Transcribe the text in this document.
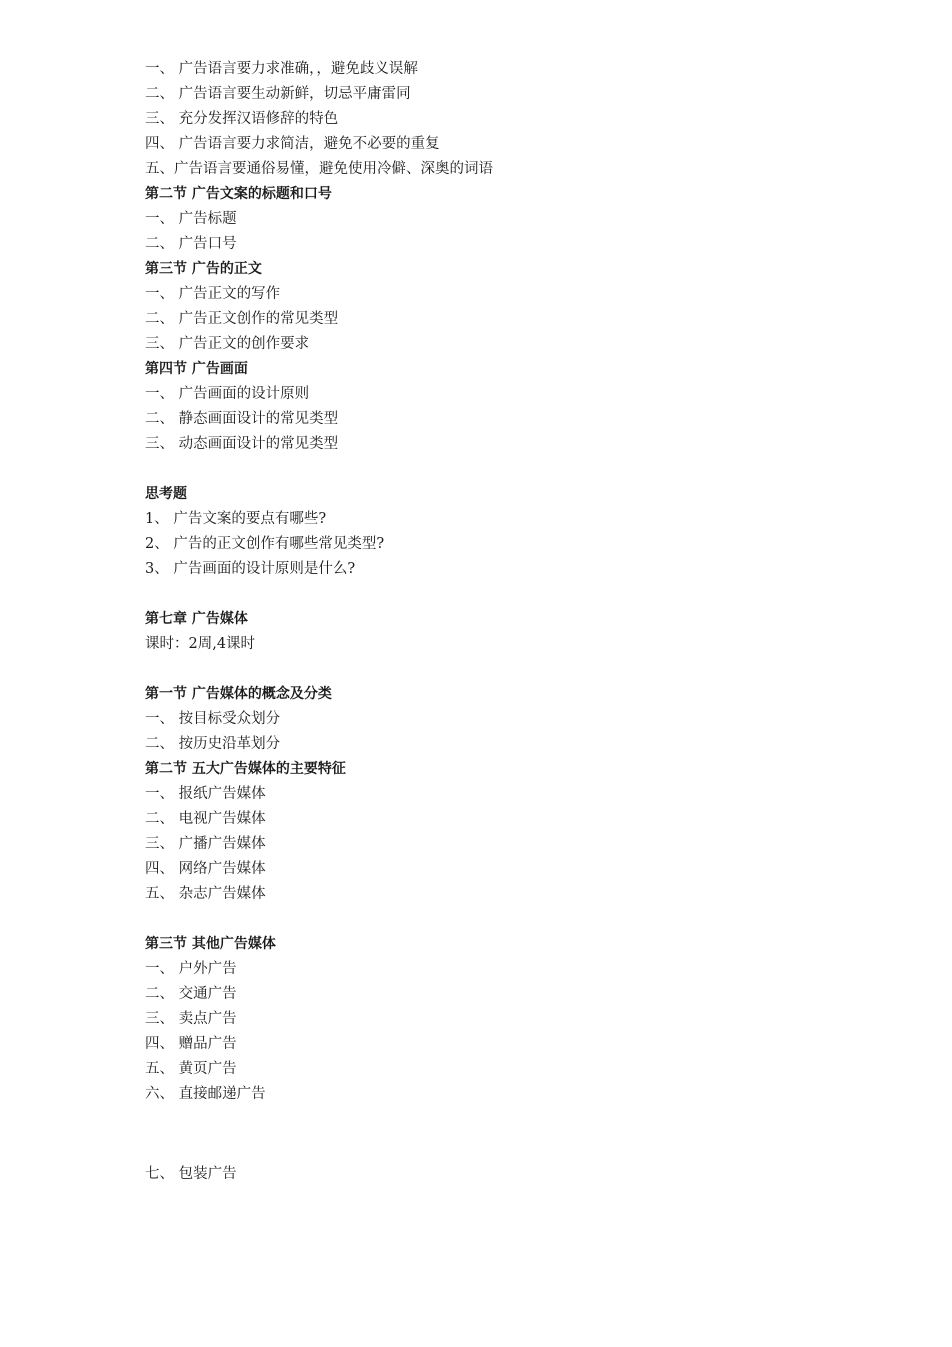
一、 广告语言要力求准确，，避免歧义误解
二、 广告语言要生动新鲜，切忌平庸雷同
三、 充分发挥汉语修辞的特色
四、 广告语言要力求简洁，避免不必要的重复
五、广告语言要通俗易懂，避免使用冷僻、深奥的词语
第二节 广告文案的标题和口号
一、 广告标题
二、 广告口号
第三节 广告的正文
一、 广告正文的写作
二、 广告正文创作的常见类型
三、 广告正文的创作要求
第四节 广告画面
一、 广告画面的设计原则
二、 静态画面设计的常见类型
三、 动态画面设计的常见类型
思考题
1、 广告文案的要点有哪些?
2、 广告的正文创作有哪些常见类型?
3、 广告画面的设计原则是什么?
第七章 广告媒体
课时：2周,4课时
第一节 广告媒体的概念及分类
一、 按目标受众划分
二、 按历史沿革划分
第二节 五大广告媒体的主要特征
一、 报纸广告媒体
二、 电视广告媒体
三、 广播广告媒体
四、 网络广告媒体
五、 杂志广告媒体
第三节 其他广告媒体
一、 户外广告
二、 交通广告
三、 卖点广告
四、 赠品广告
五、 黄页广告
六、 直接邮递广告
七、 包装广告
